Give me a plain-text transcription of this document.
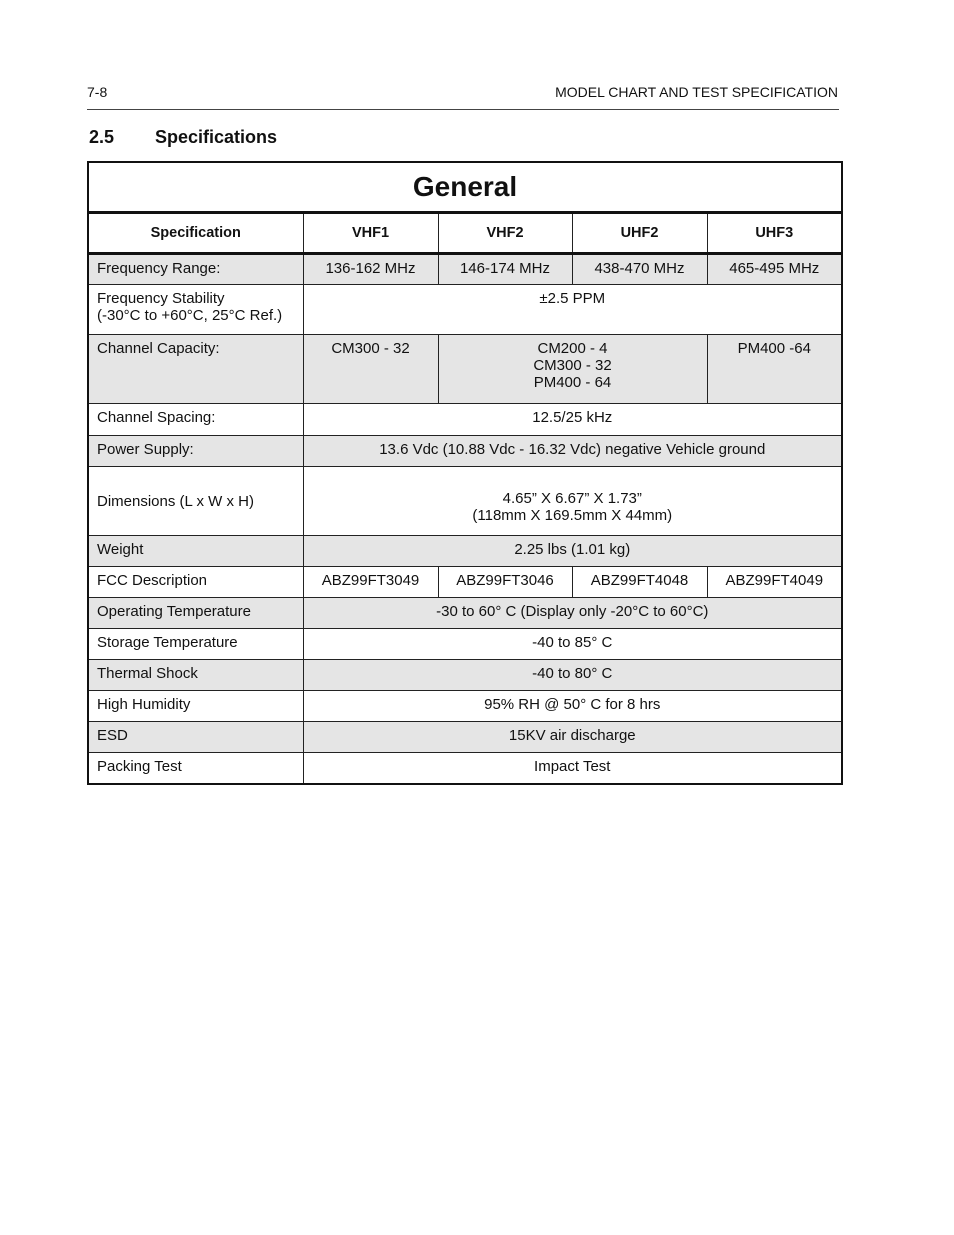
7-8	MODEL CHART AND TEST SPECIFICATION
2.5 Specifications
General				
Specification	VHF1	VHF2	UHF2	UHF3
Frequency Range:	136-162 MHz	146-174 MHz	438-470 MHz	465-495 MHz

Frequency Stability
(-30°C to +60°C, 25°C Ref.)	±2.5 PPM			
Channel Capacity:	CM300 - 32	CM200 - 4
CM300 - 32
PM400 - 64		PM400 -64
Channel Spacing:	12.5/25 kHz			
Power Supply:	13.6 Vdc (10.88 Vdc - 16.32 Vdc) negative Vehicle ground			
Dimensions (L x W x H)	4.65” X 6.67” X 1.73”
(118mm X 169.5mm X 44mm)			

Weight	2.25 lbs (1.01 kg)			
FCC Description	ABZ99FT3049	ABZ99FT3046	ABZ99FT4048	ABZ99FT4049
Operating Temperature	-30 to 60° C (Display only -20°C to 60°C)			
Storage Temperature	-40 to 85° C			
Thermal Shock	-40 to 80° C			
High Humidity	95% RH @ 50° C for 8 hrs			
ESD	15KV air discharge			
Packing Test	Impact Test			
